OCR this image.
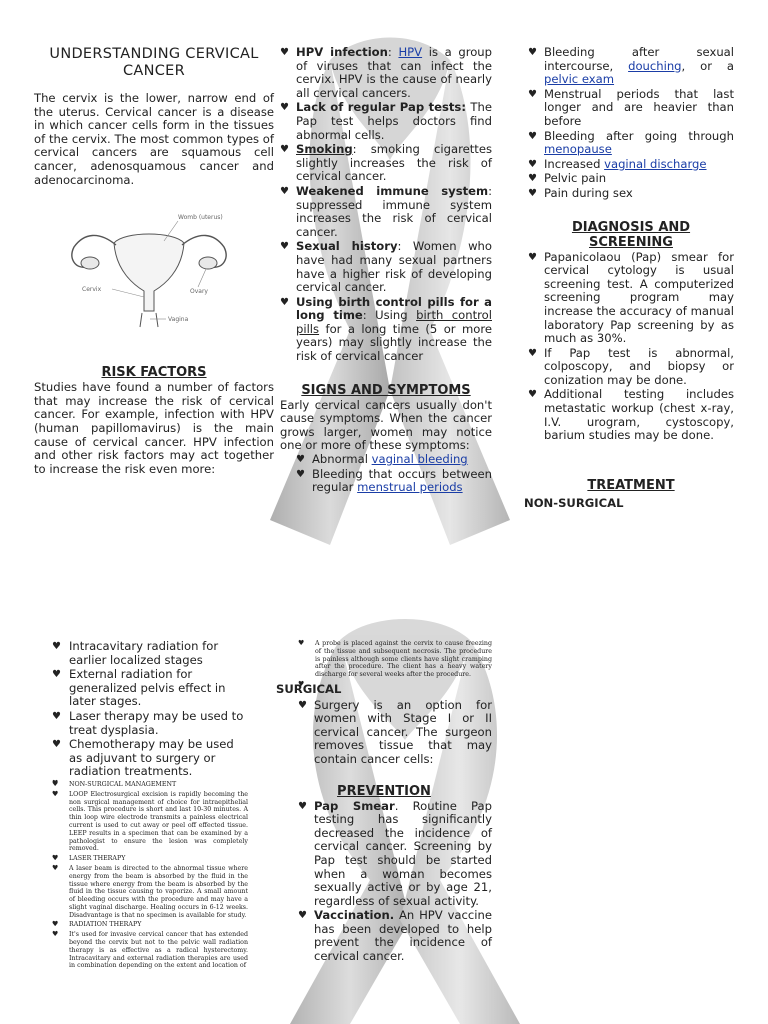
UNDERSTANDING CERVICAL CANCER

The cervix is the lower, narrow end of the uterus. Cervical cancer is a disease in which cancer cells form in the tissues of the cervix. The most common types of cervical cancers are squamous cell cancer, adenosquamous cancer and adenocarcinoma.

Womb (uterus)
Cervix	Ovary
Vagina
RISK FACTORS

Studies have found a number of factors that may increase the risk of cervical cancer. For example, infection with HPV (human papillomavirus) is the main cause of cervical cancer. HPV infection and other risk factors may act together to increase the risk even more:

♥ HPV infection: HPV is a group of viruses that can infect the cervix. HPV is the cause of nearly all cervical cancers.
♥ Lack of regular Pap tests: The Pap test helps doctors find abnormal cells.
♥ Smoking: smoking cigarettes slightly increases the risk of cervical cancer.
♥ Weakened immune system: suppressed immune system increases the risk of cervical cancer.
♥ Sexual history: Women who have had many sexual partners have a higher risk of developing cervical cancer.
♥ Using birth control pills for a long time: Using birth control pills for a long time (5 or more years) may slightly increase the risk of cervical cancer
SIGNS AND SYMPTOMS

Early cervical cancers usually don't cause symptoms. When the cancer grows larger, women may notice one or more of these symptoms:

♥ Abnormal vaginal bleeding
♥ Bleeding that occurs between regular menstrual periods
♥ Bleeding after sexual intercourse, douching, or a pelvic exam
♥ Menstrual periods that last longer and are heavier than before
♥ Bleeding after going through menopause
♥ Increased vaginal discharge
♥ Pelvic pain
♥ Pain during sex
DIAGNOSIS AND SCREENING
♥ Papanicolaou (Pap) smear for cervical cytology is usual screening test. A computerized screening program may increase the accuracy of manual laboratory Pap screening by as much as 30%.
♥ If Pap test is abnormal, colposcopy, and biopsy or conization may be done.
♥ Additional testing includes metastatic workup (chest x-ray, I.V. urogram, cystoscopy, barium studies may be done.
TREATMENT
NON-SURGICAL
♥ Intracavitary radiation for earlier localized stages
♥ External radiation for generalized pelvis effect in later stages.
♥ Laser therapy may be used to treat dysplasia.
♥ Chemotherapy may be used as adjuvant to surgery or radiation treatments.
♥ NON-SURGICAL MANAGEMENT
♥ LOOP Electrosurgical excision is rapidly becoming the non surgical management of choice for intraepithelial cells. This procedure is short and last 10-30 minutes. A thin loop wire electrode transmits a painless electrical current is used to cut away or peel off effected tissue. LEEP results in a specimen that can be examined by a pathologist to ensure the lesion was completely removed.
♥ LASER THERAPY
♥ A laser beam is directed to the abnormal tissue where energy from the beam is absorbed by the fluid in the tissue where energy from the beam is absorbed by the fluid in the tissue causing to vaporize. A small amount of bleeding occurs with the procedure and may have a slight vaginal discharge. Healing occurs in 6-12 weeks. Disadvantage is that no specimen is available for study.
♥ RADIATION THERAPY
♥ It's used for invasive cervical cancer that has extended beyond the cervix but not to the pelvic wall radiation therapy is as effective as a radical hysterectomy. Intracavitary and external radiation therapies are used in combination depending on the extent and location of
♥ A probe is placed against the cervix to cause freezing of the tissue and subsequent necrosis. The procedure is painless although some clients have slight cramping after the procedure. The client has a heavy watery discharge for several weeks after the procedure.
SURGICAL
♥ Surgery is an option for women with Stage I or II cervical cancer. The surgeon removes tissue that may contain cancer cells:
PREVENTION
♥ Pap Smear. Routine Pap testing has significantly decreased the incidence of cervical cancer. Screening by Pap test should be started when a woman becomes sexually active or by age 21, regardless of sexual activity.
♥ Vaccination. An HPV vaccine has been developed to help prevent the incidence of cervical cancer.
